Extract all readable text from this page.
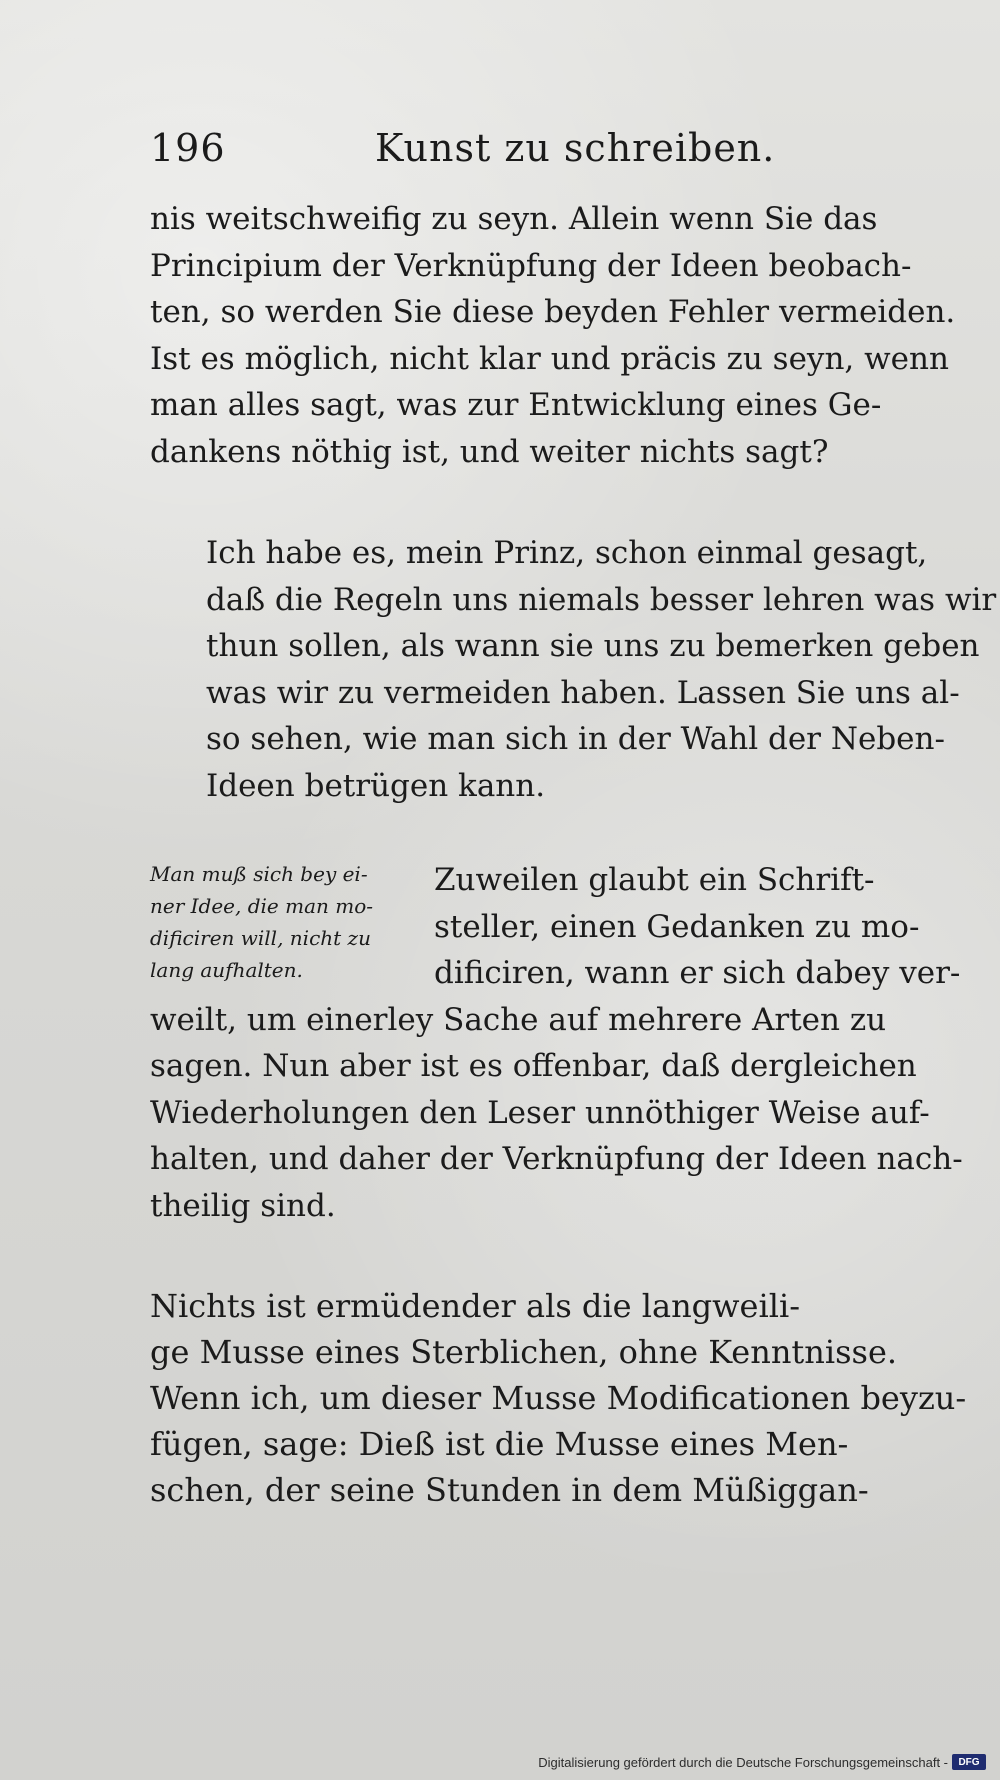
196	Kunst zu schreiben.
nis weitschweifig zu seyn. Allein wenn Sie das
Principium der Verknüpfung der Ideen beobach-
ten, so werden Sie diese beyden Fehler vermeiden.
Ist es möglich, nicht klar und präcis zu seyn, wenn
man alles sagt, was zur Entwicklung eines Ge-
dankens nöthig ist, und weiter nichts sagt?
Ich habe es, mein Prinz, schon einmal gesagt,
daß die Regeln uns niemals besser lehren was wir
thun sollen, als wann sie uns zu bemerken geben
was wir zu vermeiden haben. Lassen Sie uns al-
so sehen, wie man sich in der Wahl der Neben-
Ideen betrügen kann.
Man muß sich bey ei-
ner Idee, die man mo-
dificiren will, nicht zu
lang aufhalten.
Zuweilen glaubt ein Schrift-
steller, einen Gedanken zu mo-
dificiren, wann er sich dabey ver-
weilt, um einerley Sache auf mehrere Arten zu
sagen. Nun aber ist es offenbar, daß dergleichen
Wiederholungen den Leser unnöthiger Weise auf-
halten, und daher der Verknüpfung der Ideen nach-
theilig sind.
Nichts ist ermüdender als die langweili-
ge Musse eines Sterblichen, ohne Kenntnisse.
Wenn ich, um dieser Musse Modificationen beyzu-
fügen, sage: Dieß ist die Musse eines Men-
schen, der seine Stunden in dem Müßiggan-
Digitalisierung gefördert durch die Deutsche Forschungsgemeinschaft -	DFG
